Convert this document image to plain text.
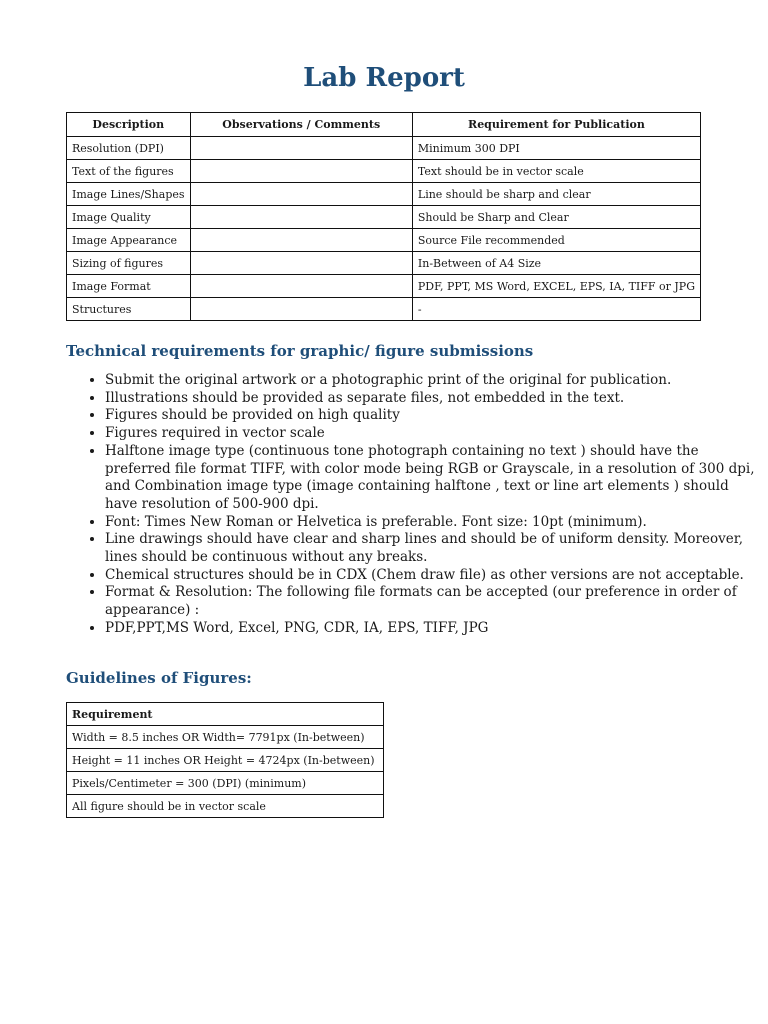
Lab Report
Description	Observations / Comments	Requirement for Publication
Resolution (DPI)		Minimum 300 DPI
Text of the figures		Text should be in vector scale
Image Lines/Shapes		Line should be sharp and clear
Image Quality		Should be Sharp and Clear
Image Appearance		Source File recommended
Sizing of figures		In-Between of A4 Size
Image Format		PDF, PPT, MS Word, EXCEL, EPS, IA, TIFF or JPG
Structures		-
Technical requirements for graphic/ figure submissions
• Submit the original artwork or a photographic print of the original for publication.
• Illustrations should be provided as separate files, not embedded in the text.
• Figures should be provided on high quality
• Figures required in vector scale
• Halftone image type (continuous tone photograph containing no text ) should have the preferred file format TIFF, with color mode being RGB or Grayscale, in a resolution of 300 dpi, and Combination image type (image containing halftone , text or line art elements ) should have resolution of 500-900 dpi.
• Font: Times New Roman or Helvetica is preferable. Font size: 10pt (minimum).
• Line drawings should have clear and sharp lines and should be of uniform density. Moreover, lines should be continuous without any breaks.
• Chemical structures should be in CDX (Chem draw file) as other versions are not acceptable.
• Format & Resolution: The following file formats can be accepted (our preference in order of appearance) :
• PDF,PPT,MS Word, Excel, PNG, CDR, IA, EPS, TIFF, JPG
Guidelines of Figures:
Requirement
Width = 8.5 inches OR Width= 7791px (In-between)
Height = 11 inches OR Height = 4724px (In-between)
Pixels/Centimeter = 300 (DPI) (minimum)
All figure should be in vector scale
